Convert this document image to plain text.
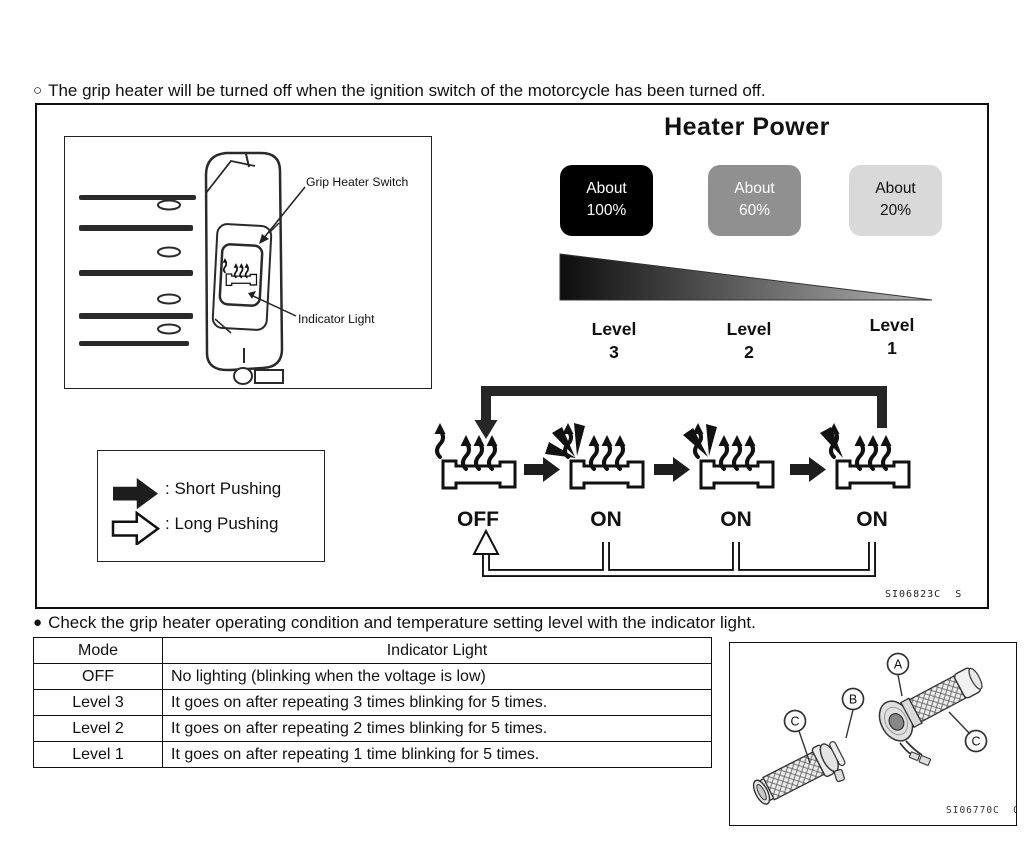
○ The grip heater will be turned off when the ignition switch of the motorcycle has been turned off.
Grip Heater Switch
Indicator Light
Heater Power
About
100%
About
60%
About
20%
Level
3
Level
2
Level
1
OFF	ON	ON	ON
: Short Pushing
: Long Pushing
SI06823C  S
● Check the grip heater operating condition and temperature setting level with the indicator light.
Mode	Indicator Light
OFF	No lighting (blinking when the voltage is low)
Level 3	It goes on after repeating 3 times blinking for 5 times.
Level 2	It goes on after repeating 2 times blinking for 5 times.
Level 1	It goes on after repeating 1 time blinking for 5 times.
A
B
C
C
SI06770C  G
